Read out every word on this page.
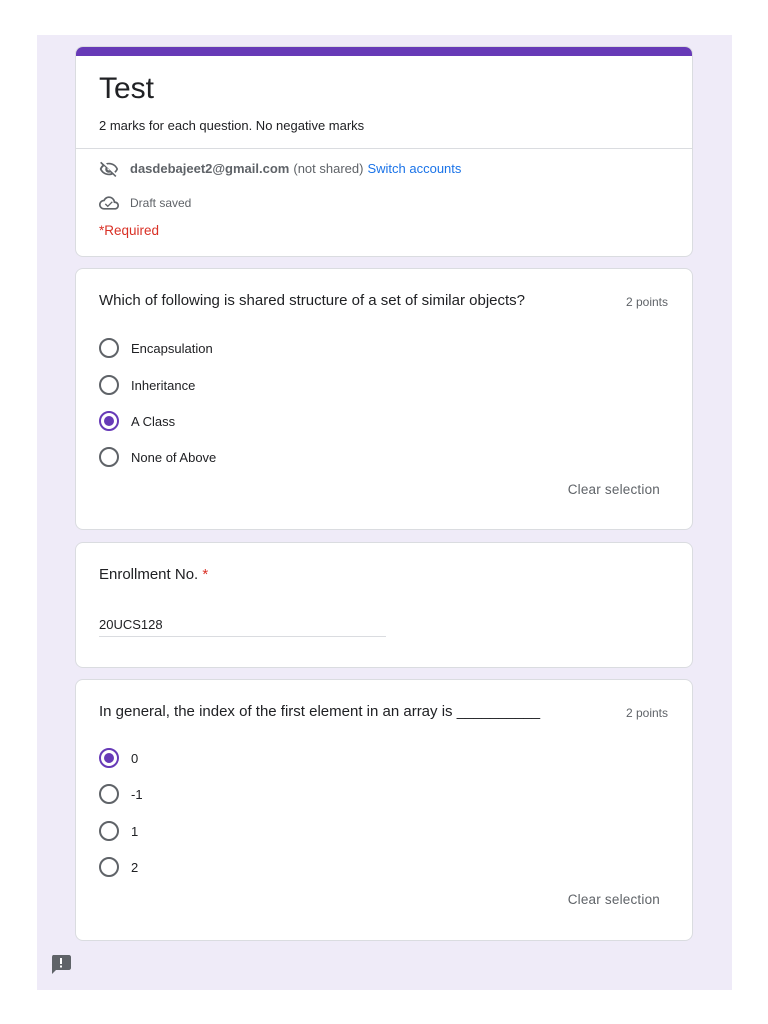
Test
2 marks for each question. No negative marks
dasdebajeet2@gmail.com (not shared) Switch accounts
Draft saved
*Required
Which of following is shared structure of a set of similar objects?	2 points
Encapsulation
Inheritance
A Class
None of Above
Clear selection
Enrollment No. *
20UCS128
In general, the index of the first element in an array is __________	2 points
0
-1
1
2
Clear selection
